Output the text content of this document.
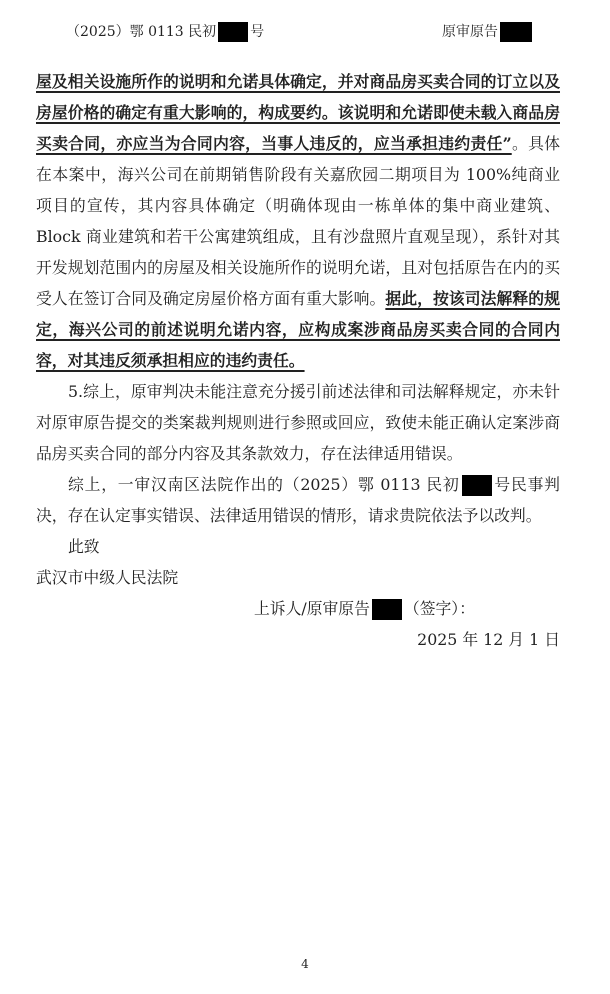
（2025）鄂 0113 民初 号	原审原告

屋及相关设施所作的说明和允诺具体确定，并对商品房买卖合同的订立以及房屋价格的确定有重大影响的，构成要约。该说明和允诺即使未载入商品房买卖合同，亦应当为合同内容，当事人违反的，应当承担违约责任”。具体在本案中，海兴公司在前期销售阶段有关嘉欣园二期项目为 100%纯商业项目的宣传，其内容具体确定（明确体现由一栋单体的集中商业建筑、Block 商业建筑和若干公寓建筑组成，且有沙盘照片直观呈现），系针对其开发规划范围内的房屋及相关设施所作的说明允诺，且对包括原告在内的买受人在签订合同及确定房屋价格方面有重大影响。据此，按该司法解释的规定，海兴公司的前述说明允诺内容，应构成案涉商品房买卖合同的合同内容，对其违反须承担相应的违约责任。

5.综上，原审判决未能注意充分援引前述法律和司法解释规定，亦未针对原审原告提交的类案裁判规则进行参照或回应，致使未能正确认定案涉商品房买卖合同的部分内容及其条款效力，存在法律适用错误。

综上，一审汉南区法院作出的（2025）鄂 0113 民初 号民事判决，存在认定事实错误、法律适用错误的情形，请求贵院依法予以改判。

此致

武汉市中级人民法院

上诉人/原审原告 （签字）：

2025 年 12 月 1 日

4
